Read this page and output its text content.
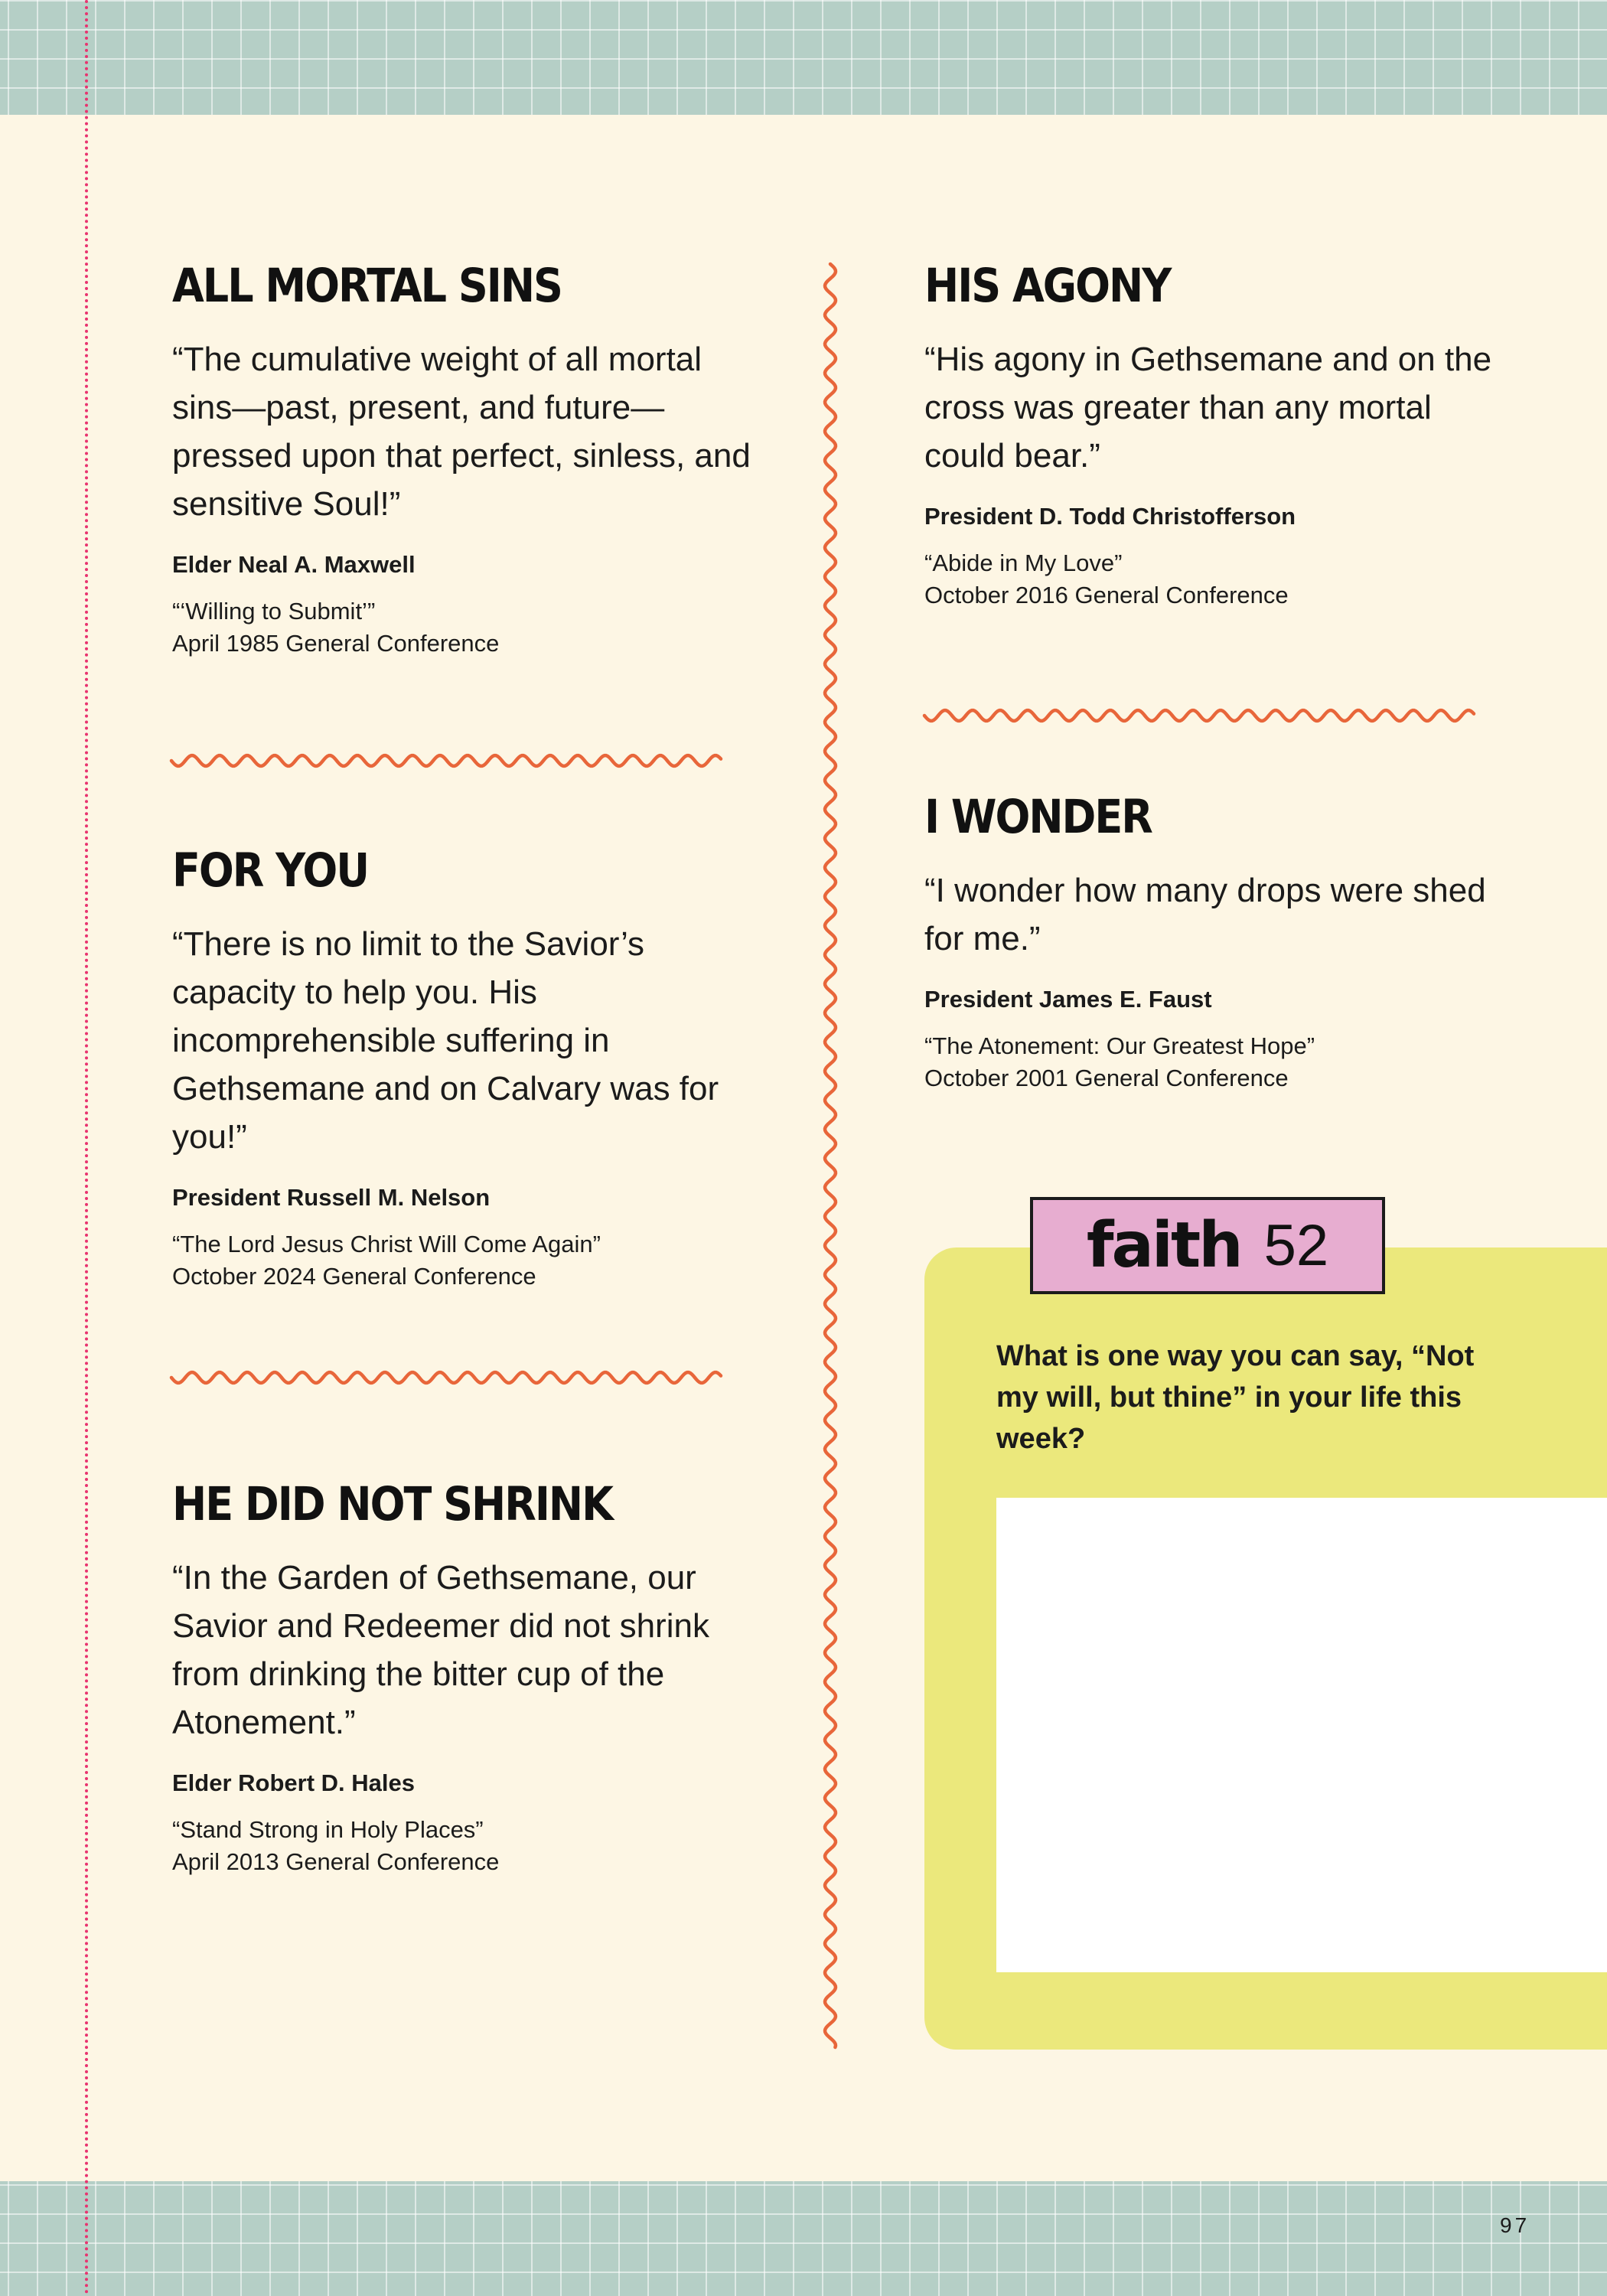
ALL MORTAL SINS
“The cumulative weight of all mortal sins—past, present, and future—pressed upon that perfect, sinless, and sensitive Soul!”
Elder Neal A. Maxwell
“‘Willing to Submit’”
April 1985 General Conference
FOR YOU
“There is no limit to the Savior’s capacity to help you. His incomprehensible suffering in Gethsemane and on Calvary was for you!”
President Russell M. Nelson
“The Lord Jesus Christ Will Come Again”
October 2024 General Conference
HE DID NOT SHRINK
“In the Garden of Gethsemane, our Savior and Redeemer did not shrink from drinking the bitter cup of the Atonement.”
Elder Robert D. Hales
“Stand Strong in Holy Places”
April 2013 General Conference
HIS AGONY
“His agony in Gethsemane and on the cross was greater than any mortal could bear.”
President D. Todd Christofferson
“Abide in My Love”
October 2016 General Conference
I WONDER
“I wonder how many drops were shed for me.”
President James E. Faust
“The Atonement: Our Greatest Hope”
October 2001 General Conference
What is one way you can say, “Not my will, but thine” in your life this week?
faith 52
97
